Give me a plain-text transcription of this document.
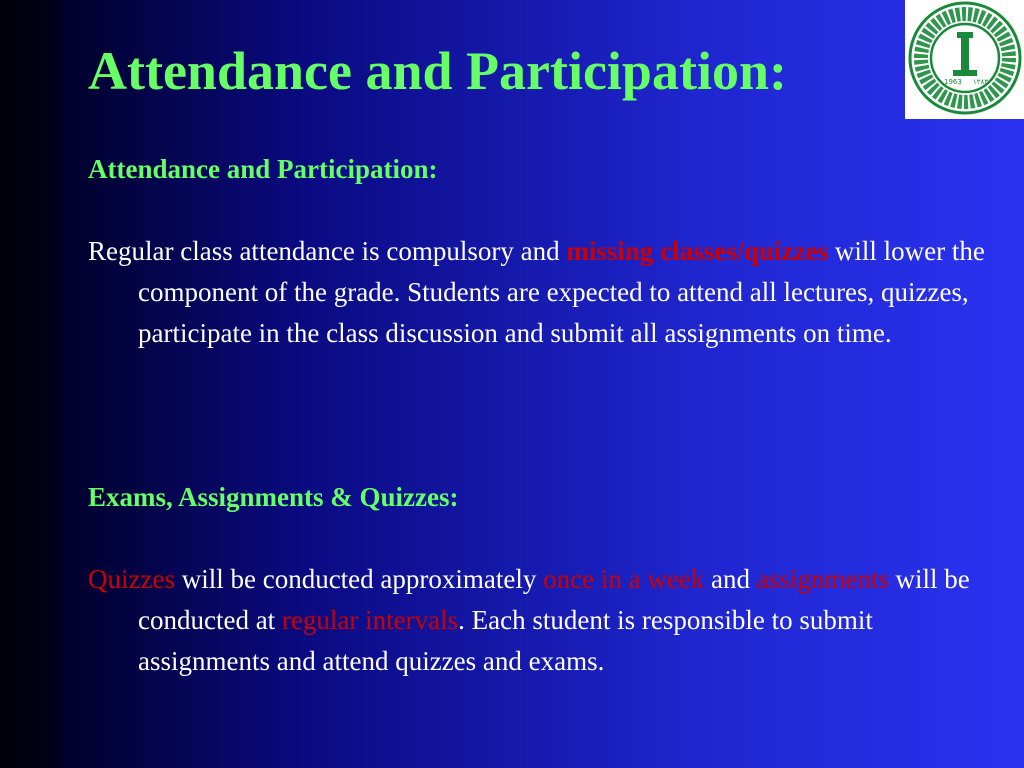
Attendance and Participation:	1963 ١٣٨٣
Attendance and Participation:

Regular class attendance is compulsory and missing classes/quizzes will lower the component of the grade. Students are expected to attend all lectures, quizzes, participate in the class discussion and submit all assignments on time.

Exams, Assignments & Quizzes:

Quizzes will be conducted approximately once in a week and assignments will be conducted at regular intervals. Each student is responsible to submit assignments and attend quizzes and exams.
